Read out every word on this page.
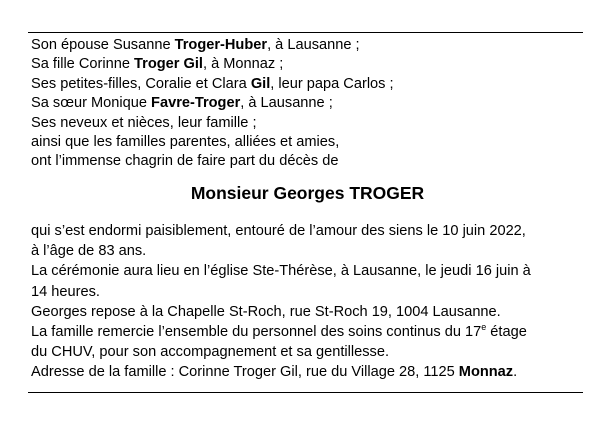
Son épouse Susanne Troger-Huber, à Lausanne ;
Sa fille Corinne Troger Gil, à Monnaz ;
Ses petites-filles, Coralie et Clara Gil, leur papa Carlos ;
Sa sœur Monique Favre-Troger, à Lausanne ;
Ses neveux et nièces, leur famille ;
ainsi que les familles parentes, alliées et amies,
ont l’immense chagrin de faire part du décès de
Monsieur Georges TROGER
qui s’est endormi paisiblement, entouré de l’amour des siens le 10 juin 2022,
à l’âge de 83 ans.
La cérémonie aura lieu en l’église Ste-Thérèse, à Lausanne, le jeudi 16 juin à
14 heures.
Georges repose à la Chapelle St-Roch, rue St-Roch 19, 1004 Lausanne.
La famille remercie l’ensemble du personnel des soins continus du 17e étage
du CHUV, pour son accompagnement et sa gentillesse.
Adresse de la famille : Corinne Troger Gil, rue du Village 28, 1125 Monnaz.
